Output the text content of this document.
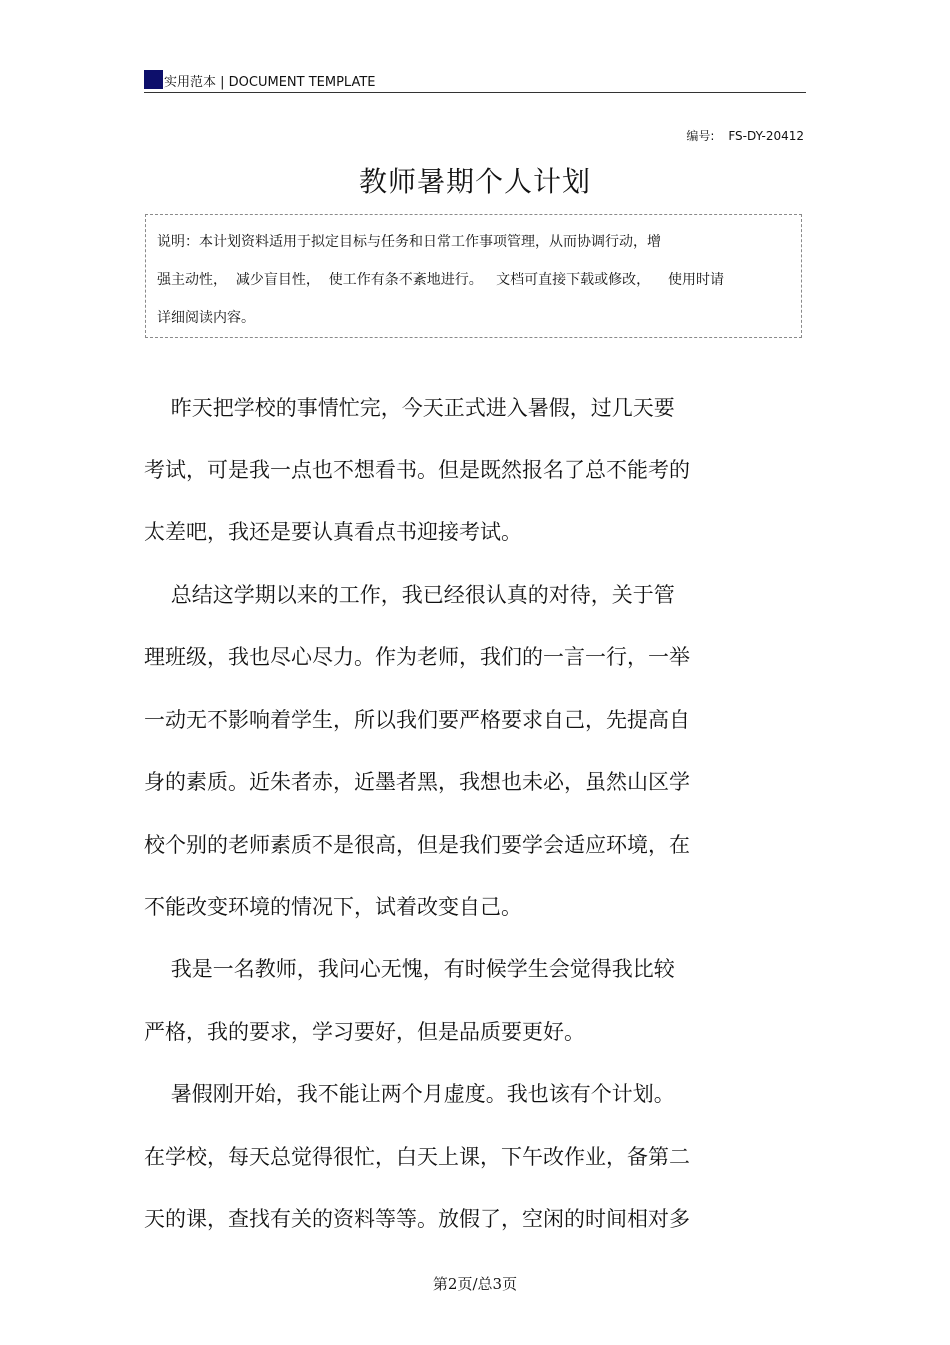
实用范本 | DOCUMENT TEMPLATE
编号: FS-DY-20412
教师暑期个人计划
说明：本计划资料适用于拟定目标与任务和日常工作事项管理，从而协调行动，增
强主动性，  减少盲目性，  使工作有条不紊地进行。   文档可直接下载或修改，    使用时请
详细阅读内容。
昨天把学校的事情忙完，今天正式进入暑假，过几天要
考试，可是我一点也不想看书。但是既然报名了总不能考的
太差吧，我还是要认真看点书迎接考试。
总结这学期以来的工作，我已经很认真的对待，关于管
理班级，我也尽心尽力。作为老师，我们的一言一行，一举
一动无不影响着学生，所以我们要严格要求自己，先提高自
身的素质。近朱者赤，近墨者黑，我想也未必，虽然山区学
校个别的老师素质不是很高，但是我们要学会适应环境，在
不能改变环境的情况下，试着改变自己。
我是一名教师，我问心无愧，有时候学生会觉得我比较
严格，我的要求，学习要好，但是品质要更好。
暑假刚开始，我不能让两个月虚度。我也该有个计划。
在学校，每天总觉得很忙，白天上课，下午改作业，备第二
天的课，查找有关的资料等等。放假了，空闲的时间相对多
第2页/总3页
